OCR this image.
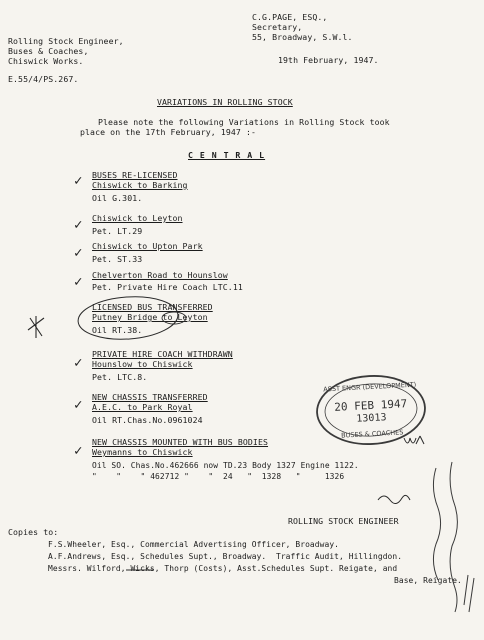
Rolling Stock Engineer,
Buses & Coaches,
Chiswick Works.
C.G.PAGE, ESQ.,
Secretary,
55, Broadway, S.W.l.
19th February, 1947.
E.55/4/PS.267.
VARIATIONS IN ROLLING STOCK
Please note the following Variations in Rolling Stock took
place on the 17th February, 1947 :-
C E N T R A L
✓ BUSES RE-LICENSED
Chiswick to Barking
Oil G.301.
✓ Chiswick to Leyton
Pet. LT.29
✓ Chiswick to Upton Park
Pet. ST.33
✓ Chelverton Road to Hounslow
Pet. Private Hire Coach LTC.11
LICENSED BUS TRANSFERRED
Putney Bridge to Leyton
Oil RT.38.
✓
PRIVATE HIRE COACH WITHDRAWN
Hounslow to Chiswick
Pet. LTC.8.
✓ NEW CHASSIS TRANSFERRED
A.E.C. to Park Royal
Oil RT.Chas.No.0961024
✓
NEW CHASSIS MOUNTED WITH BUS BODIES
Weymanns to Chiswick
Oil SO. Chas.No.462666 now TD.23 Body 1327 Engine 1122.
"    "    " 462712 "    "  24   "  1328   "     1326
ROLLING STOCK ENGINEER
Copies to:
F.S.Wheeler, Esq., Commercial Advertising Officer, Broadway.
A.F.Andrews, Esq., Schedules Supt., Broadway.  Traffic Audit, Hillingdon.
Messrs. Wilford, Wicks, Thorp (Costs), Asst.Schedules Supt. Reigate, and
Base, Reigate.
ASST ENGR (DEVELOPMENT)
20 FEB 1947
13013
BUSES & COACHES
